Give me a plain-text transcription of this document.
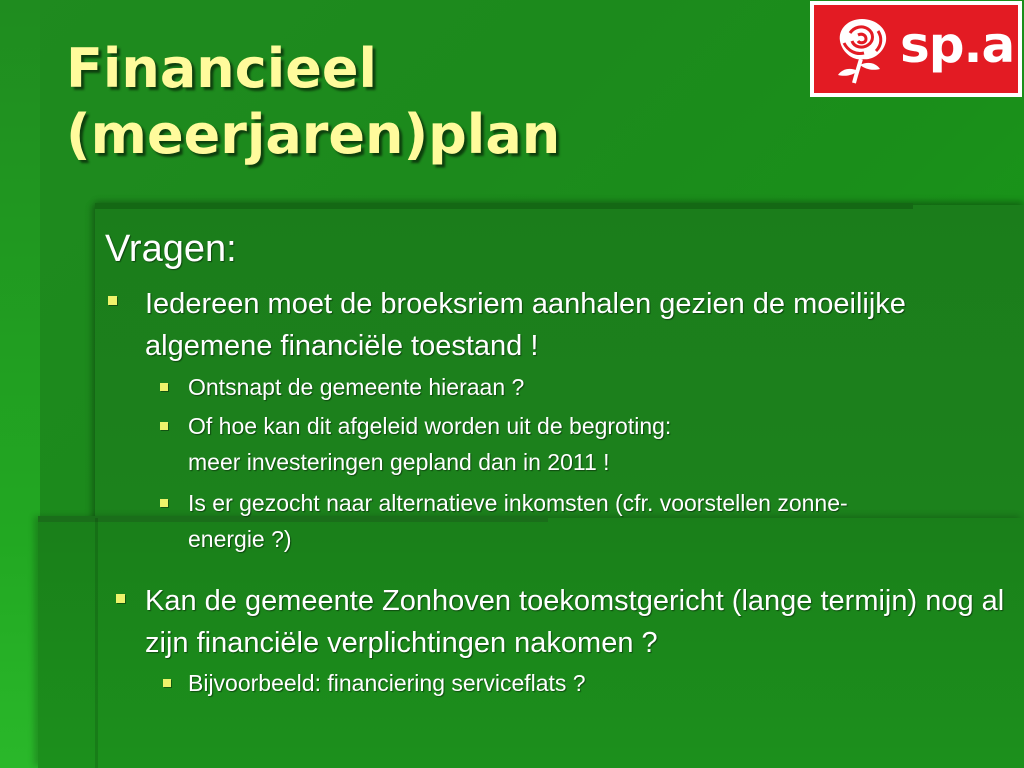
Financieel
(meerjaren)plan
sp.a
Vragen:
Iedereen moet de broeksriem aanhalen gezien de moeilijke algemene financiële toestand !
Ontsnapt de gemeente hieraan ?
Of hoe kan dit afgeleid worden uit de begroting:
meer investeringen gepland dan in 2011 !
Is er gezocht naar alternatieve inkomsten (cfr. voorstellen zonne-energie ?)
Kan de gemeente Zonhoven toekomstgericht (lange termijn) nog al zijn financiële verplichtingen nakomen ?
Bijvoorbeeld: financiering serviceflats ?
